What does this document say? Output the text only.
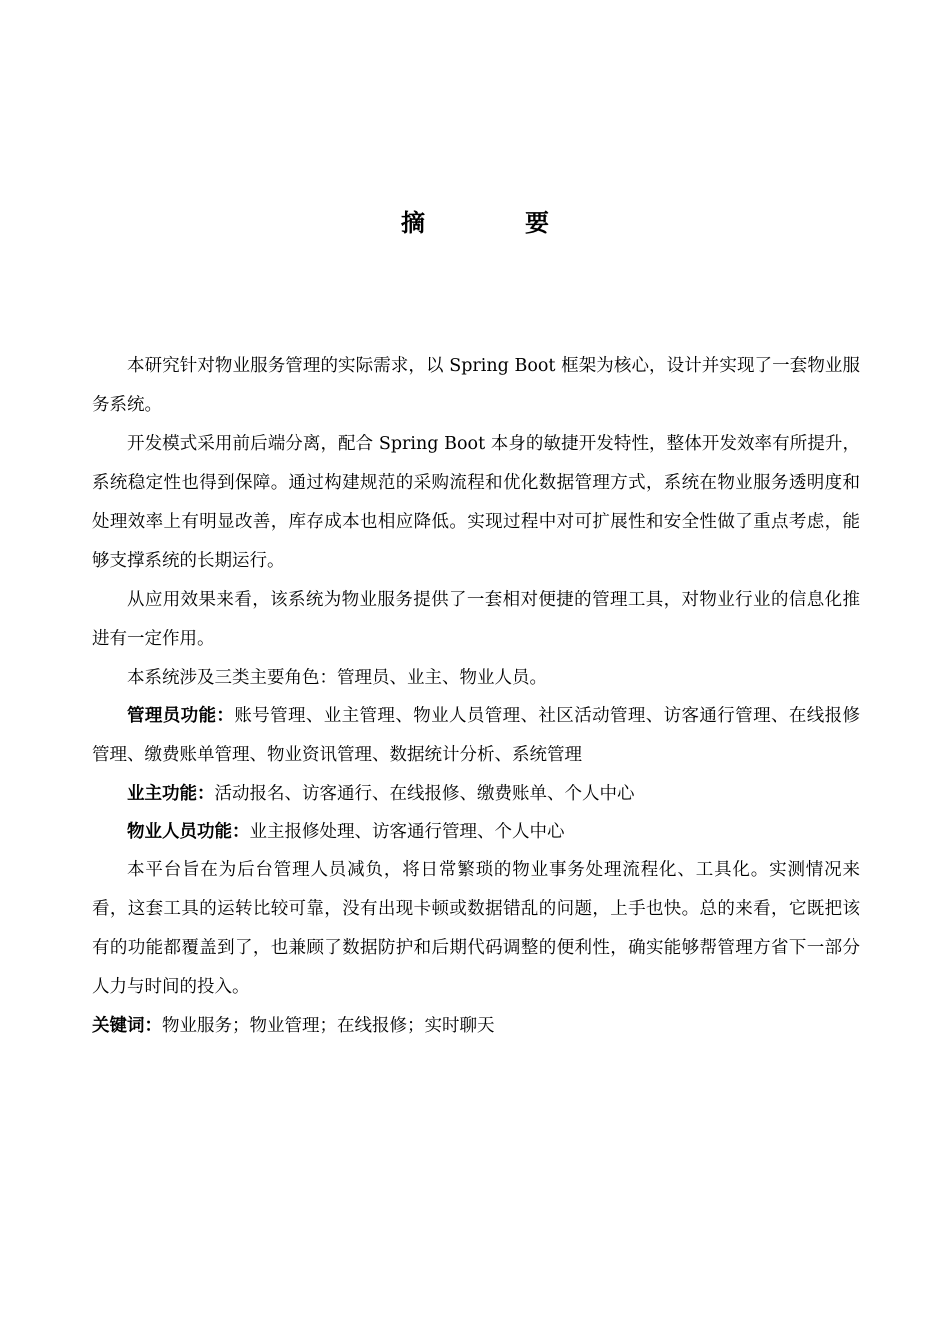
摘　要

本研究针对物业服务管理的实际需求，以 Spring Boot 框架为核心，设计并实现了一套物业服务系统。

开发模式采用前后端分离，配合 Spring Boot 本身的敏捷开发特性，整体开发效率有所提升，系统稳定性也得到保障。通过构建规范的采购流程和优化数据管理方式，系统在物业服务透明度和处理效率上有明显改善，库存成本也相应降低。实现过程中对可扩展性和安全性做了重点考虑，能够支撑系统的长期运行。

从应用效果来看，该系统为物业服务提供了一套相对便捷的管理工具，对物业行业的信息化推进有一定作用。

本系统涉及三类主要角色：管理员、业主、物业人员。

管理员功能：账号管理、业主管理、物业人员管理、社区活动管理、访客通行管理、在线报修管理、缴费账单管理、物业资讯管理、数据统计分析、系统管理

业主功能：活动报名、访客通行、在线报修、缴费账单、个人中心

物业人员功能：业主报修处理、访客通行管理、个人中心

本平台旨在为后台管理人员减负，将日常繁琐的物业事务处理流程化、工具化。实测情况来看，这套工具的运转比较可靠，没有出现卡顿或数据错乱的问题，上手也快。总的来看，它既把该有的功能都覆盖到了，也兼顾了数据防护和后期代码调整的便利性，确实能够帮管理方省下一部分人力与时间的投入。

关键词：物业服务；物业管理；在线报修；实时聊天
